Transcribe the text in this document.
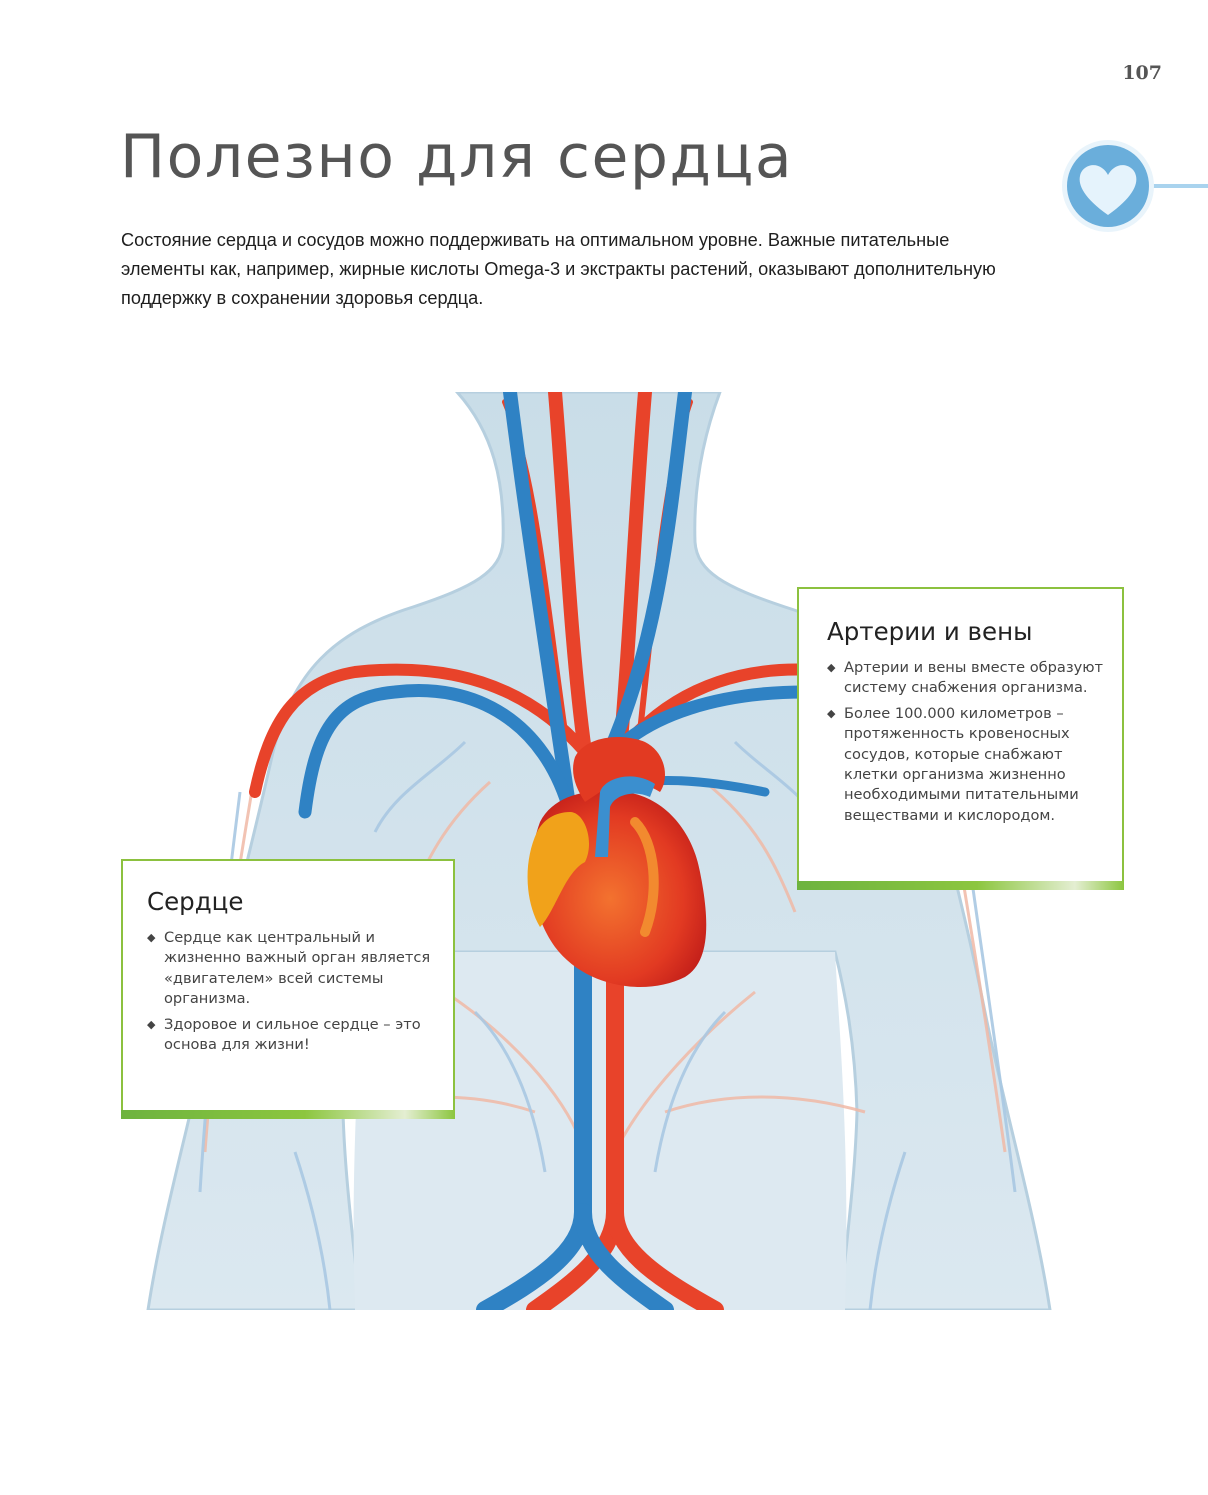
107
Полезно для сердца

Состояние сердца и сосудов можно поддерживать на оптимальном уровне. Важные питательные элементы как, например, жирные кислоты Omega-3 и экстракты растений, оказывают дополнительную поддержку в сохранении здоровья сердца.

Артерии и вены
◆ Артерии и вены вместе образуют систему снабжения организма.
◆ Более 100.000 километров – протяженность кровеносных сосудов, которые снабжают клетки организма жизненно необходимыми питательными веществами и кислородом.
Сердце
◆ Сердце как центральный и жизненно важный орган является «двигателем» всей системы организма.
◆ Здоровое и сильное сердце – это основа для жизни!
